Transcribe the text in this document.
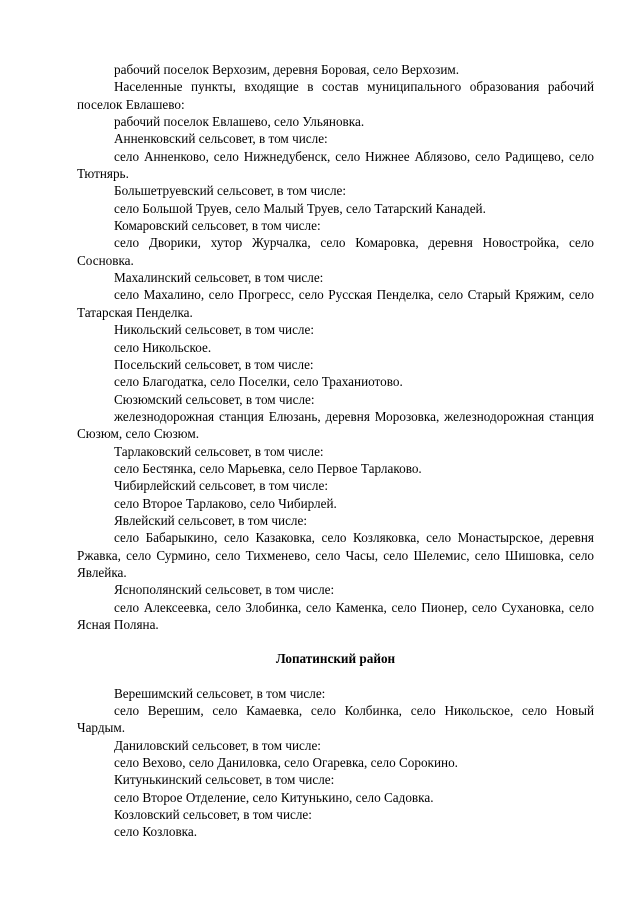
рабочий поселок Верхозим, деревня Боровая, село Верхозим.

Населенные пункты, входящие в состав муниципального образования рабочий поселок Евлашево:

рабочий поселок Евлашево, село Ульяновка.

Анненковский сельсовет, в том числе:

село Анненково, село Нижнедубенск, село Нижнее Аблязово, село Радищево, село Тютнярь.

Большетруевский сельсовет, в том числе:

село Большой Труев, село Малый Труев, село Татарский Канадей.

Комаровский сельсовет, в том числе:

село Дворики, хутор Журчалка, село Комаровка, деревня Новостройка, село Сосновка.

Махалинский сельсовет, в том числе:

село Махалино, село Прогресс, село Русская Пенделка, село Старый Кряжим, село Татарская Пенделка.

Никольский сельсовет, в том числе:

село Никольское.

Посельский сельсовет, в том числе:

село Благодатка, село Поселки, село Траханиотово.

Сюзюмский сельсовет, в том числе:

железнодорожная станция Елюзань, деревня Морозовка, железнодорожная станция Сюзюм, село Сюзюм.

Тарлаковский сельсовет, в том числе:

село Бестянка, село Марьевка, село Первое Тарлаково.

Чибирлейский сельсовет, в том числе:

село Второе Тарлаково, село Чибирлей.

Явлейский сельсовет, в том числе:

село Бабарыкино, село Казаковка, село Козляковка, село Монастырское, деревня Ржавка, село Сурмино, село Тихменево, село Часы, село Шелемис, село Шишовка, село Явлейка.

Яснополянский сельсовет, в том числе:

село Алексеевка, село Злобинка, село Каменка, село Пионер, село Сухановка, село Ясная Поляна.

Лопатинский район

Верешимский сельсовет, в том числе:

село Верешим, село Камаевка, село Колбинка, село Никольское, село Новый Чардым.

Даниловский сельсовет, в том числе:

село Вехово, село Даниловка, село Огаревка, село Сорокино.

Китунькинский сельсовет, в том числе:

село Второе Отделение, село Китунькино, село Садовка.

Козловский сельсовет, в том числе:

село Козловка.
